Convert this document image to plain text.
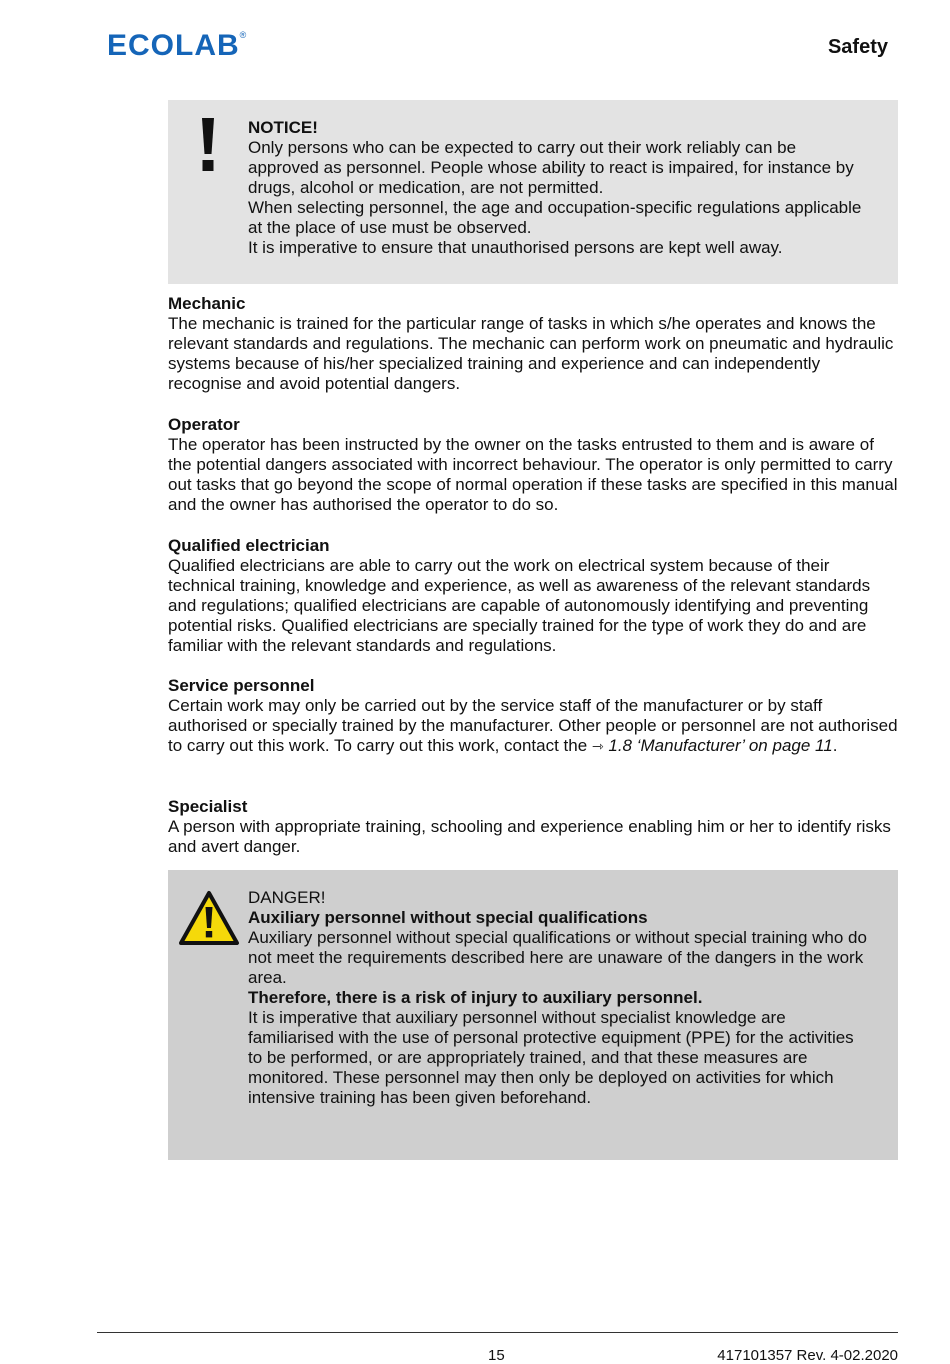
ECOLAB®
Safety

NOTICE!

Only persons who can be expected to carry out their work reliably can be approved as personnel. People whose ability to react is impaired, for instance by drugs, alcohol or medication, are not permitted.

When selecting personnel, the age and occupation-specific regulations applicable at the place of use must be observed.

It is imperative to ensure that unauthorised persons are kept well away.

Mechanic

The mechanic is trained for the particular range of tasks in which s/he operates and knows the relevant standards and regulations. The mechanic can perform work on pneumatic and hydraulic systems because of his/her specialized training and experience and can independently recognise and avoid potential dangers.

Operator

The operator has been instructed by the owner on the tasks entrusted to them and is aware of the potential dangers associated with incorrect behaviour. The operator is only permitted to carry out tasks that go beyond the scope of normal operation if these tasks are specified in this manual and the owner has authorised the operator to do so.

Qualified electrician

Qualified electricians are able to carry out the work on electrical system because of their technical training, knowledge and experience, as well as awareness of the relevant standards and regulations; qualified electricians are capable of autonomously identifying and preventing potential risks. Qualified electricians are specially trained for the type of work they do and are familiar with the relevant standards and regulations.

Service personnel

Certain work may only be carried out by the service staff of the manufacturer or by staff authorised or specially trained by the manufacturer. Other people or personnel are not authorised to carry out this work. To carry out this work, contact the ⇾ 1.8 ‘Manufacturer’ on page 11.

Specialist

A person with appropriate training, schooling and experience enabling him or her to identify risks and avert danger.

DANGER!

Auxiliary personnel without special qualifications

Auxiliary personnel without special qualifications or without special training who do not meet the requirements described here are unaware of the dangers in the work area.

Therefore, there is a risk of injury to auxiliary personnel.

It is imperative that auxiliary personnel without specialist knowledge are familiarised with the use of personal protective equipment (PPE) for the activities to be performed, or are appropriately trained, and that these measures are monitored. These personnel may then only be deployed on activities for which intensive training has been given beforehand.

15	417101357 Rev. 4-02.2020
